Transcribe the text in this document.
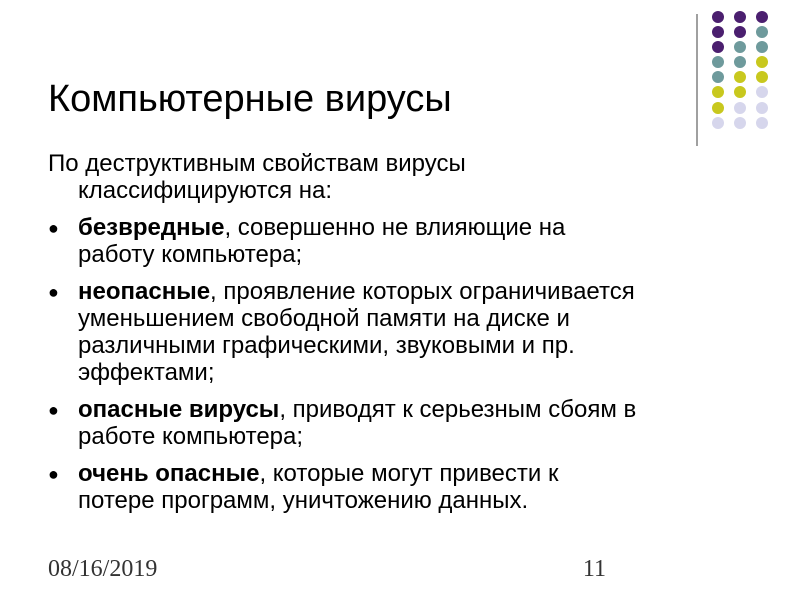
Компьютерные вирусы
По деструктивным свойствам вирусы
классифицируются на:
● безвредные, совершенно не влияющие на
работу компьютера;
● неопасные, проявление которых ограничивается
уменьшением свободной памяти на диске и
различными графическими, звуковыми и пр.
эффектами;
● опасные вирусы, приводят к серьезным сбоям в
работе компьютера;
● очень опасные, которые могут привести к
потере программ, уничтожению данных.
08/16/2019	11
